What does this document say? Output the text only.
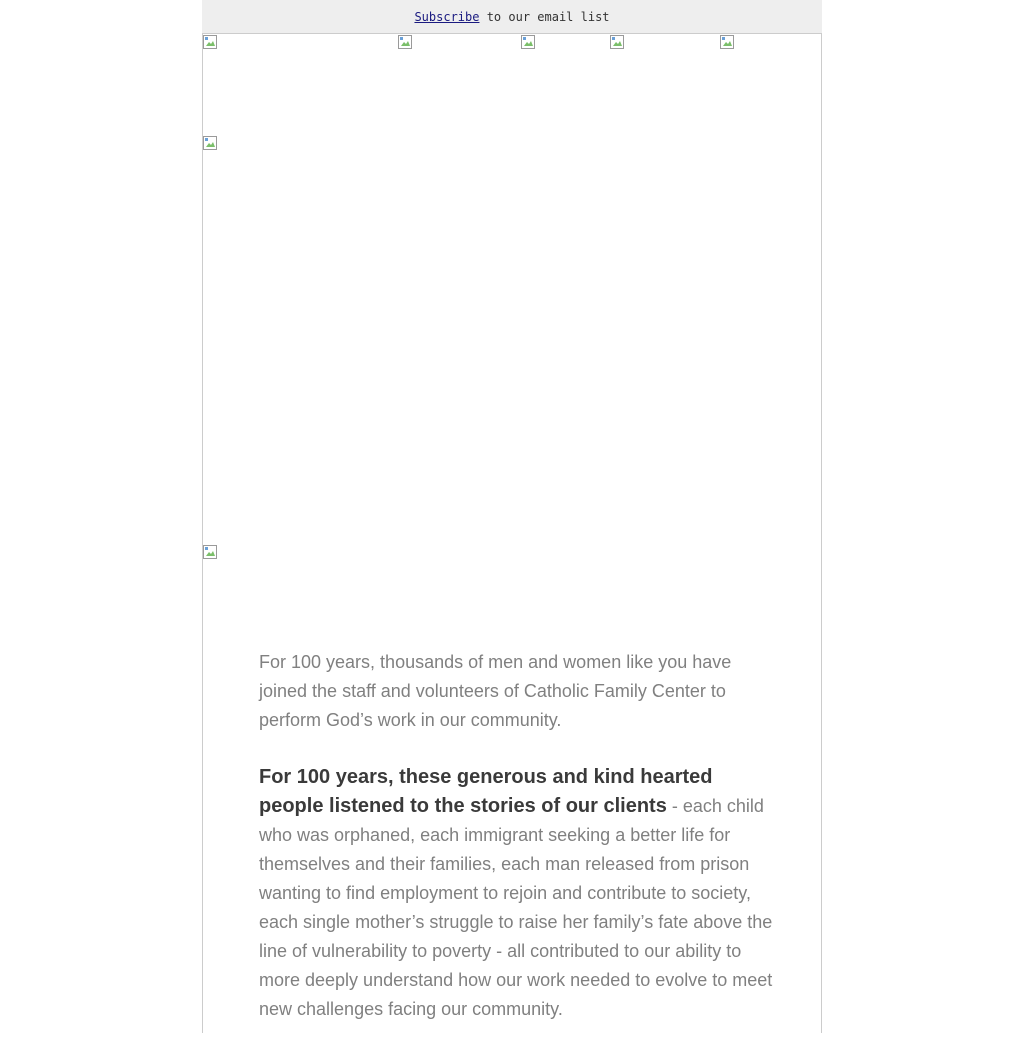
Subscribe to our email list

For 100 years, thousands of men and women like you have joined the staff and volunteers of Catholic Family Center to perform God’s work in our community.

For 100 years, these generous and kind hearted people listened to the stories of our clients - each child who was orphaned, each immigrant seeking a better life for themselves and their families, each man released from prison wanting to find employment to rejoin and contribute to society, each single mother’s struggle to raise her family’s fate above the line of vulnerability to poverty - all contributed to our ability to more deeply understand how our work needed to evolve to meet new challenges facing our community.
